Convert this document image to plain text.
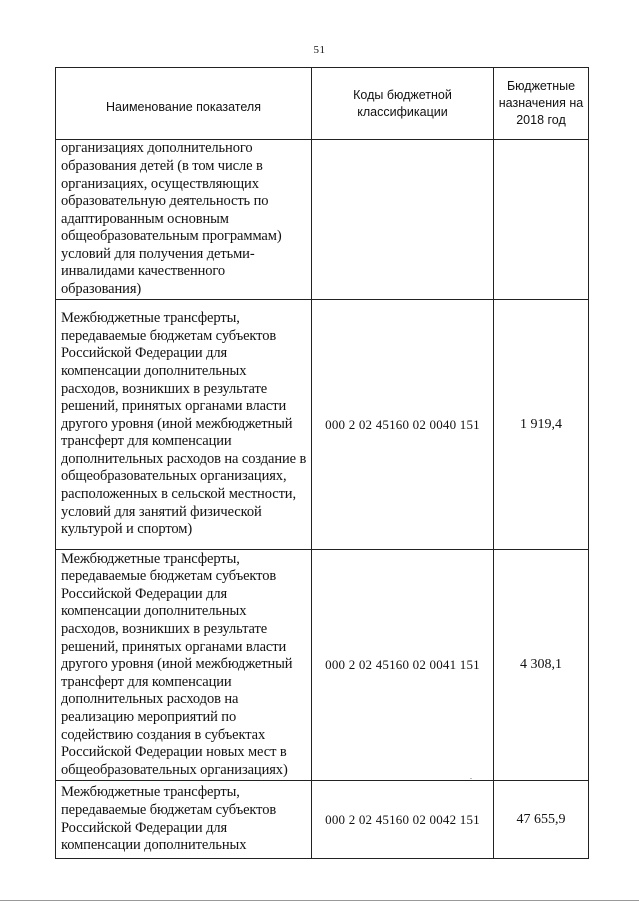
51
Наименование показателя	Коды бюджетной классификации	Бюджетные назначения на 2018 год
организациях дополнительного образования детей (в том числе в организациях, осуществляющих образовательную деятельность по адаптированным основным общеобразовательным программам) условий для получения детьми-инвалидами качественного образования)		
Межбюджетные трансферты, передаваемые бюджетам субъектов Российской Федерации для компенсации дополнительных расходов, возникших в результате решений, принятых органами власти другого уровня (иной межбюджетный трансферт для компенсации дополнительных расходов на создание в общеобразовательных организациях, расположенных в сельской местности, условий для занятий физической культурой и спортом)	000 2 02 45160 02 0040 151	1 919,4
Межбюджетные трансферты, передаваемые бюджетам субъектов Российской Федерации для компенсации дополнительных расходов, возникших в результате решений, принятых органами власти другого уровня (иной межбюджетный трансферт для компенсации дополнительных расходов на реализацию мероприятий по содействию создания в субъектах Российской Федерации новых мест в общеобразовательных организациях)	000 2 02 45160 02 0041 151	4 308,1
Межбюджетные трансферты, передаваемые бюджетам субъектов Российской Федерации для компенсации дополнительных	000 2 02 45160 02 0042 151	47 655,9
